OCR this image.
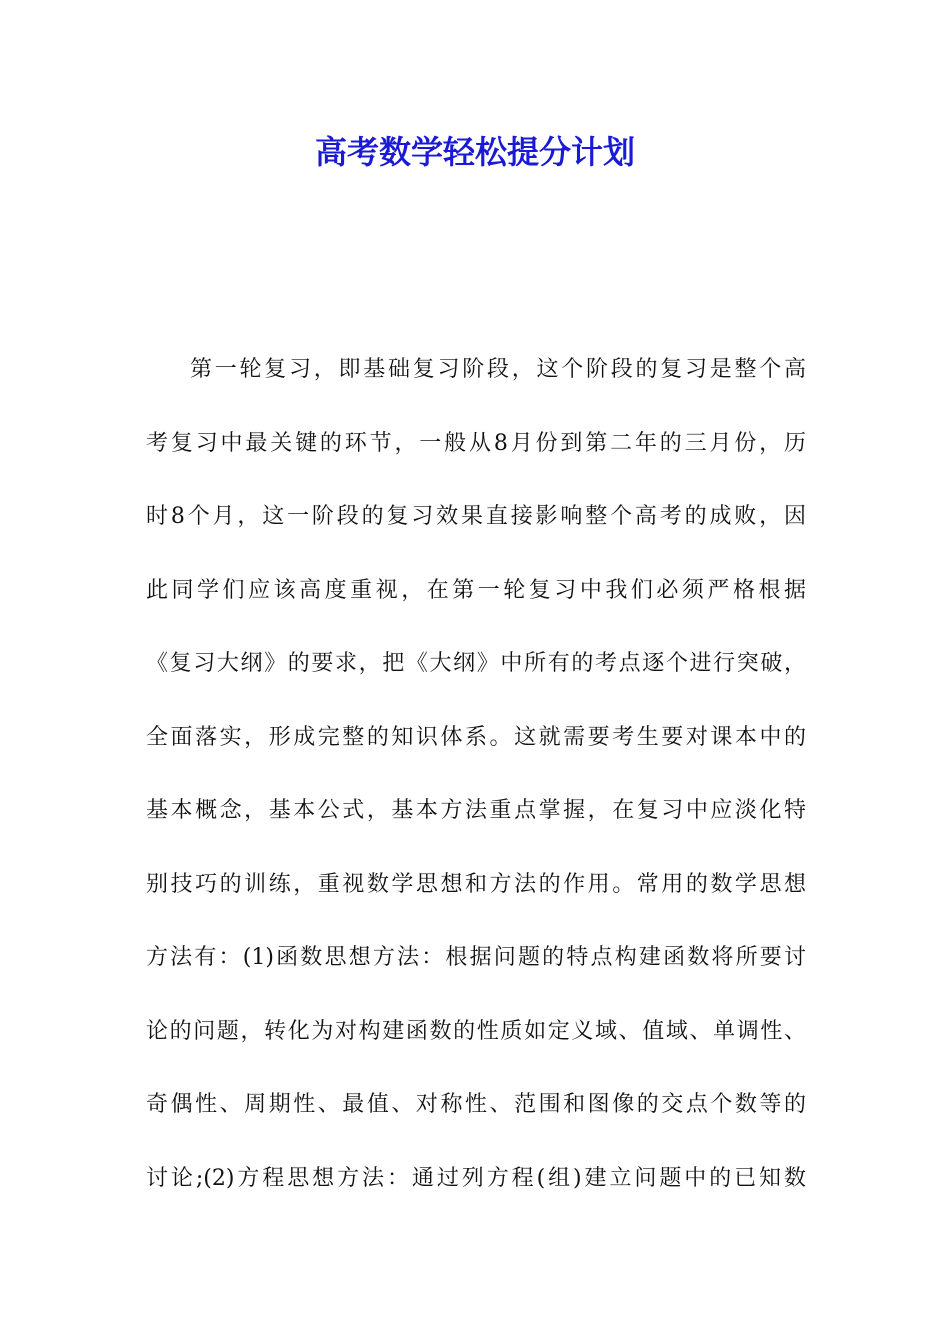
高考数学轻松提分计划
第一轮复习，即基础复习阶段，这个阶段的复习是整个高
考复习中最关键的环节，一般从8月份到第二年的三月份，历
时8个月，这一阶段的复习效果直接影响整个高考的成败，因
此同学们应该高度重视，在第一轮复习中我们必须严格根据
《复习大纲》的要求，把《大纲》中所有的考点逐个进行突破，
全面落实，形成完整的知识体系。这就需要考生要对课本中的
基本概念，基本公式，基本方法重点掌握，在复习中应淡化特
别技巧的训练，重视数学思想和方法的作用。常用的数学思想
方法有：(1)函数思想方法：根据问题的特点构建函数将所要讨
论的问题，转化为对构建函数的性质如定义域、值域、单调性、
奇偶性、周期性、最值、对称性、范围和图像的交点个数等的
讨论;(2)方程思想方法：通过列方程(组)建立问题中的已知数
